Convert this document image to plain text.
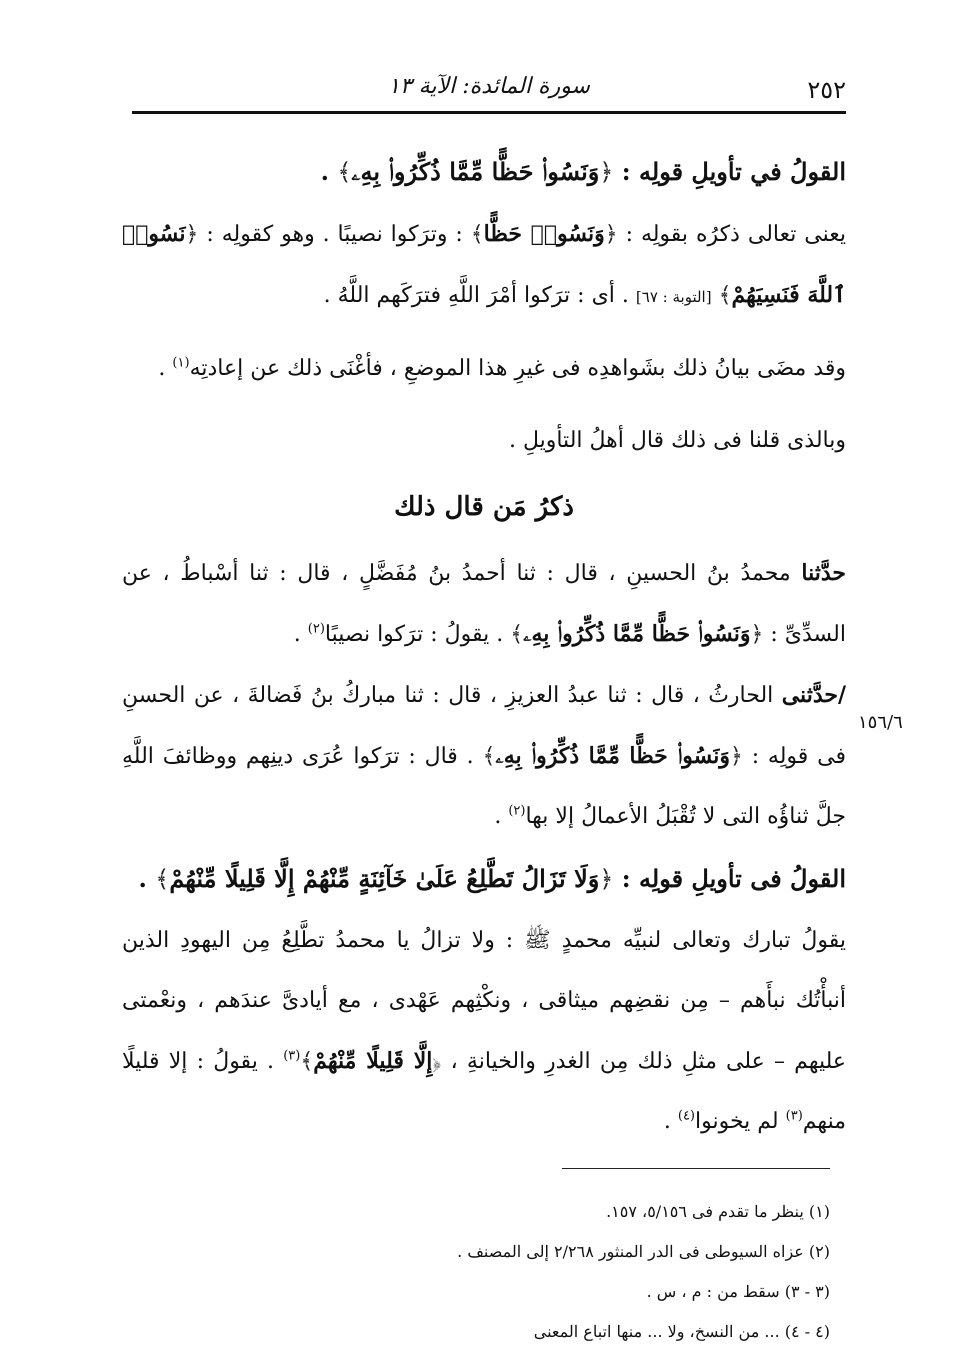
٢٥٢
سورة المائدة: الآية ١٣
١٥٦/٦

القولُ في تأويلِ قولِه : ﴿وَنَسُوا۟ حَظًّا مِّمَّا ذُكِّرُوا۟ بِهِۦ﴾ .

يعنى تعالى ذكرُه بقولِه : ﴿وَنَسُوا۟ حَظًّا﴾ : وترَكوا نصيبًا . وهو كقولِه : ﴿نَسُوا۟ ٱللَّهَ فَنَسِيَهُمْ﴾ [التوبة : ٦٧] . أى : ترَكوا أمْرَ اللَّهِ فترَكَهم اللَّهُ .

وقد مضَى بيانُ ذلك بشَواهدِه فى غيرِ هذا الموضعِ ، فأغْنَى ذلك عن إعادتِه$^{(١)}$ .

وبالذى قلنا فى ذلك قال أهلُ التأويلِ .

ذكرُ مَن قال ذلك

حدَّثنا محمدُ بنُ الحسينِ ، قال : ثنا أحمدُ بنُ مُفَضَّلٍ ، قال : ثنا أسْباطُ ، عن السدِّىِّ : ﴿وَنَسُوا۟ حَظًّا مِّمَّا ذُكِّرُوا۟ بِهِۦ﴾ . يقولُ : ترَكوا نصيبًا$^{(٢)}$ .

/حدَّثنى الحارثُ ، قال : ثنا عبدُ العزيزِ ، قال : ثنا مباركُ بنُ فَضالةَ ، عن الحسنِ فى قولِه : ﴿وَنَسُوا۟ حَظًّا مِّمَّا ذُكِّرُوا۟ بِهِۦ﴾ . قال : ترَكوا عُرَى دينِهم ووظائفَ اللَّهِ جلَّ ثناؤُه التى لا تُقْبَلُ الأعمالُ إلا بها$^{(٢)}$ .

القولُ فى تأويلِ قولِه : ﴿وَلَا تَزَالُ تَطَّلِعُ عَلَىٰ خَآئِنَةٍ مِّنْهُمْ إِلَّا قَلِيلًا مِّنْهُمْ﴾ .

يقولُ تبارك وتعالى لنبيِّه محمدٍ ﷺ : ولا تزالُ يا محمدُ تطَّلِعُ مِن اليهودِ الذين أنبأْتُك نبأَهم – مِن نقضِهم ميثاقى ، ونكْثِهم عَهْدى ، مع أيادىَّ عندَهم ، ونعْمتى عليهم – على مثلِ ذلك مِن الغدرِ والخيانةِ ، ﴿إِلَّا قَلِيلًا مِّنْهُمْ﴾$^{(٣)}$ . يقولُ : إلا قليلًا منهم$^{(٣)}$ لم يخونوا$^{(٤)}$ .

(١) ينظر ما تقدم فى ٥/١٥٦، ١٥٧.

(٢) عزاه السيوطى فى الدر المنثور ٢/٢٦٨ إلى المصنف .

(٣ - ٣) سقط من : م ، س .

(٤ - ٤) ... من النسخ، ولا ... منها اتباع المعنى
